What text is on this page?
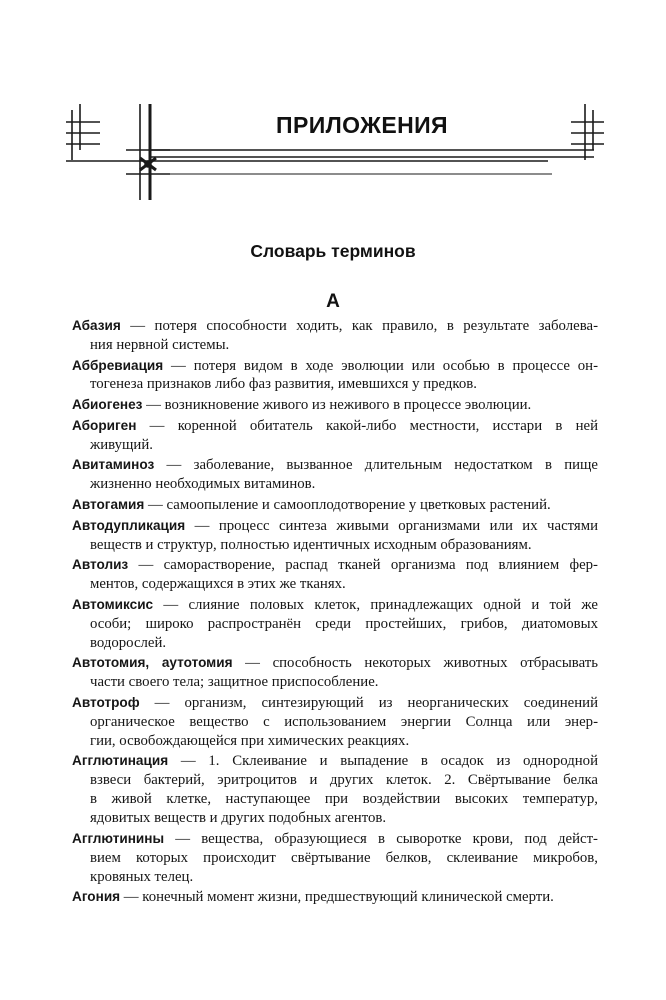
ПРИЛОЖЕНИЯ
Словарь терминов
А
Абазия — потеря способности ходить, как правило, в результате заболева-
ния нервной системы.
Аббревиация — потеря видом в ходе эволюции или особью в процессе он-
тогенеза признаков либо фаз развития, имевшихся у предков.
Абиогенез — возникновение живого из неживого в процессе эволюции.
Абориген — коренной обитатель какой-либо местности, исстари в ней
живущий.
Авитаминоз — заболевание, вызванное длительным недостатком в пище
жизненно необходимых витаминов.
Автогамия — самоопыление и самооплодотворение у цветковых растений.
Автодупликация — процесс синтеза живыми организмами или их частями
веществ и структур, полностью идентичных исходным образованиям.
Автолиз — саморастворение, распад тканей организма под влиянием фер-
ментов, содержащихся в этих же тканях.
Автомиксис — слияние половых клеток, принадлежащих одной и той же
особи; широко распространён среди простейших, грибов, диатомовых
водорослей.
Автотомия, аутотомия — способность некоторых животных отбрасывать
части своего тела; защитное приспособление.
Автотроф — организм, синтезирующий из неорганических соединений
органическое вещество с использованием энергии Солнца или энер-
гии, освобождающейся при химических реакциях.
Агглютинация — 1. Склеивание и выпадение в осадок из однородной
взвеси бактерий, эритроцитов и других клеток. 2. Свёртывание белка
в живой клетке, наступающее при воздействии высоких температур,
ядовитых веществ и других подобных агентов.
Агглютинины — вещества, образующиеся в сыворотке крови, под дейст-
вием которых происходит свёртывание белков, склеивание микробов,
кровяных телец.
Агония — конечный момент жизни, предшествующий клинической смерти.
